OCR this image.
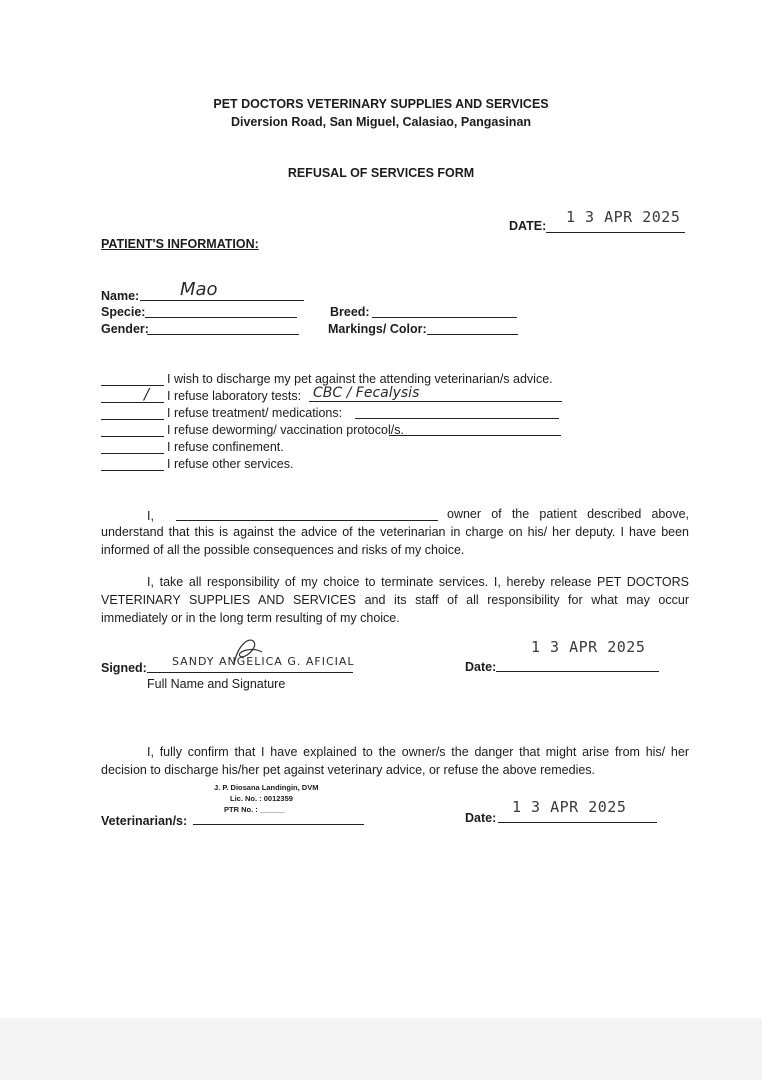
PET DOCTORS VETERINARY SUPPLIES AND SERVICES
Diversion Road, San Miguel, Calasiao, Pangasinan
REFUSAL OF SERVICES FORM
DATE: 1 3 APR 2025
PATIENT'S INFORMATION:
Name: Mao
Specie:
Gender:
Breed:
Markings/ Color:
I wish to discharge my pet against the attending veterinarian/s advice.
/ I refuse laboratory tests: CBC / Fecalysis
I refuse treatment/ medications:
I refuse deworming/ vaccination protocol/s.
I refuse confinement.
I refuse other services.
I,	owner of the patient described above,
understand that this is against the advice of the veterinarian in charge on his/ her deputy. I have been informed of all the possible consequences and risks of my choice.
I, take all responsibility of my choice to terminate services. I, hereby release PET DOCTORS VETERINARY SUPPLIES AND SERVICES and its staff of all responsibility for what may occur immediately or in the long term resulting of my choice.
Signed: SANDY ANGELICA G. AFICIAL
Full Name and Signature
Date:
1 3 APR 2025
I, fully confirm that I have explained to the owner/s the danger that might arise from his/ her decision to discharge his/her pet against veterinary advice, or refuse the above remedies.
J. P. Diosana Landingin, DVM
Lic. No. : 0012359
PTR No. : ______
Veterinarian/s:	Date:
1 3 APR 2025
